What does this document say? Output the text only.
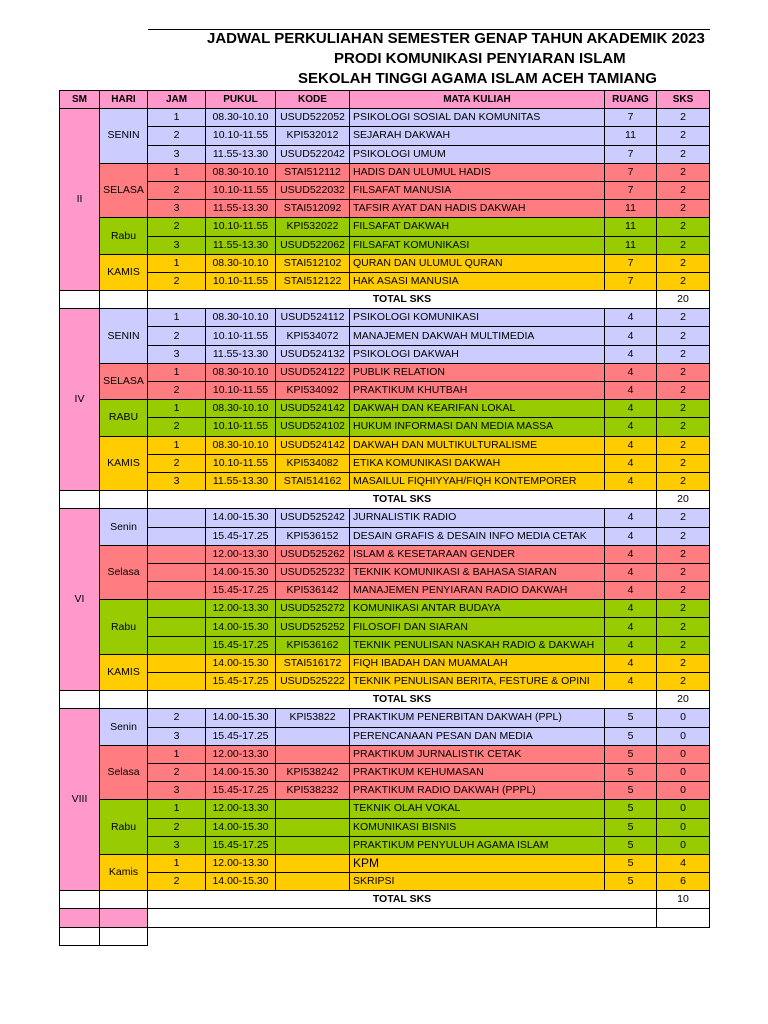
JADWAL PERKULIAHAN SEMESTER GENAP TAHUN AKADEMIK 2023
PRODI KOMUNIKASI PENYIARAN ISLAM
SEKOLAH TINGGI AGAMA ISLAM ACEH TAMIANG
SM	HARI	JAM	PUKUL	KODE	MATA KULIAH	RUANG	SKS
II	SENIN	1	08.30-10.10	USUD522052	PSIKOLOGI SOSIAL DAN KOMUNITAS	7	2
		2	10.10-11.55	KPI532012	SEJARAH DAKWAH	11	2
		3	11.55-13.30	USUD522042	PSIKOLOGI UMUM	7	2
	SELASA	1	08.30-10.10	STAI512112	HADIS DAN ULUMUL HADIS	7	2
		2	10.10-11.55	USUD522032	FILSAFAT MANUSIA	7	2
		3	11.55-13.30	STAI512092	TAFSIR AYAT DAN HADIS DAKWAH	11	2
	Rabu	2	10.10-11.55	KPI532022	FILSAFAT DAKWAH	11	2
		3	11.55-13.30	USUD522062	FILSAFAT KOMUNIKASI	11	2
	KAMIS	1	08.30-10.10	STAI512102	QURAN DAN ULUMUL QURAN	7	2
		2	10.10-11.55	STAI512122	HAK ASASI MANUSIA	7	2
		TOTAL SKS					20
IV	SENIN	1	08.30-10.10	USUD524112	PSIKOLOGI KOMUNIKASI	4	2
		2	10.10-11.55	KPI534072	MANAJEMEN DAKWAH MULTIMEDIA	4	2
		3	11.55-13.30	USUD524132	PSIKOLOGI DAKWAH	4	2
	SELASA	1	08.30-10.10	USUD524122	PUBLIK RELATION	4	2
		2	10.10-11.55	KPI534092	PRAKTIKUM KHUTBAH	4	2
	RABU	1	08.30-10.10	USUD524142	DAKWAH DAN KEARIFAN LOKAL	4	2
		2	10.10-11.55	USUD524102	HUKUM INFORMASI DAN MEDIA MASSA	4	2
	KAMIS	1	08.30-10.10	USUD524142	DAKWAH DAN MULTIKULTURALISME	4	2
		2	10.10-11.55	KPI534082	ETIKA KOMUNIKASI DAKWAH	4	2
		3	11.55-13.30	STAI514162	MASAILUL FIQHIYYAH/FIQH KONTEMPORER	4	2
		TOTAL SKS					20
VI	Senin		14.00-15.30	USUD525242	JURNALISTIK RADIO	4	2
			15.45-17.25	KPI536152	DESAIN GRAFIS & DESAIN INFO MEDIA CETAK	4	2
	Selasa		12.00-13.30	USUD525262	ISLAM & KESETARAAN GENDER	4	2
			14.00-15.30	USUD525232	TEKNIK KOMUNIKASI & BAHASA SIARAN	4	2
			15.45-17.25	KPI536142	MANAJEMEN PENYIARAN RADIO DAKWAH	4	2
	Rabu		12.00-13.30	USUD525272	KOMUNIKASI ANTAR BUDAYA	4	2
			14.00-15.30	USUD525252	FILOSOFI DAN SIARAN	4	2
			15.45-17.25	KPI536162	TEKNIK PENULISAN NASKAH RADIO & DAKWAH	4	2
	KAMIS		14.00-15.30	STAI516172	FIQH IBADAH DAN MUAMALAH	4	2
			15.45-17.25	USUD525222	TEKNIK PENULISAN BERITA, FESTURE & OPINI	4	2
		TOTAL SKS					20
VIII	Senin	2	14.00-15.30	KPI53822	PRAKTIKUM PENERBITAN DAKWAH (PPL)	5	0
		3	15.45-17.25		PERENCANAAN PESAN DAN MEDIA	5	0
	Selasa	1	12.00-13.30		PRAKTIKUM JURNALISTIK CETAK	5	0
		2	14.00-15.30	KPI538242	PRAKTIKUM KEHUMASAN	5	0
		3	15.45-17.25	KPI538232	PRAKTIKUM RADIO DAKWAH (PPPL)	5	0
	Rabu	1	12.00-13.30		TEKNIK OLAH VOKAL	5	0
		2	14.00-15.30		KOMUNIKASI BISNIS	5	0
		3	15.45-17.25		PRAKTIKUM PENYULUH AGAMA ISLAM	5	0
	Kamis	1	12.00-13.30		KPM	5	4
		2	14.00-15.30		SKRIPSI	5	6
		TOTAL SKS					10
